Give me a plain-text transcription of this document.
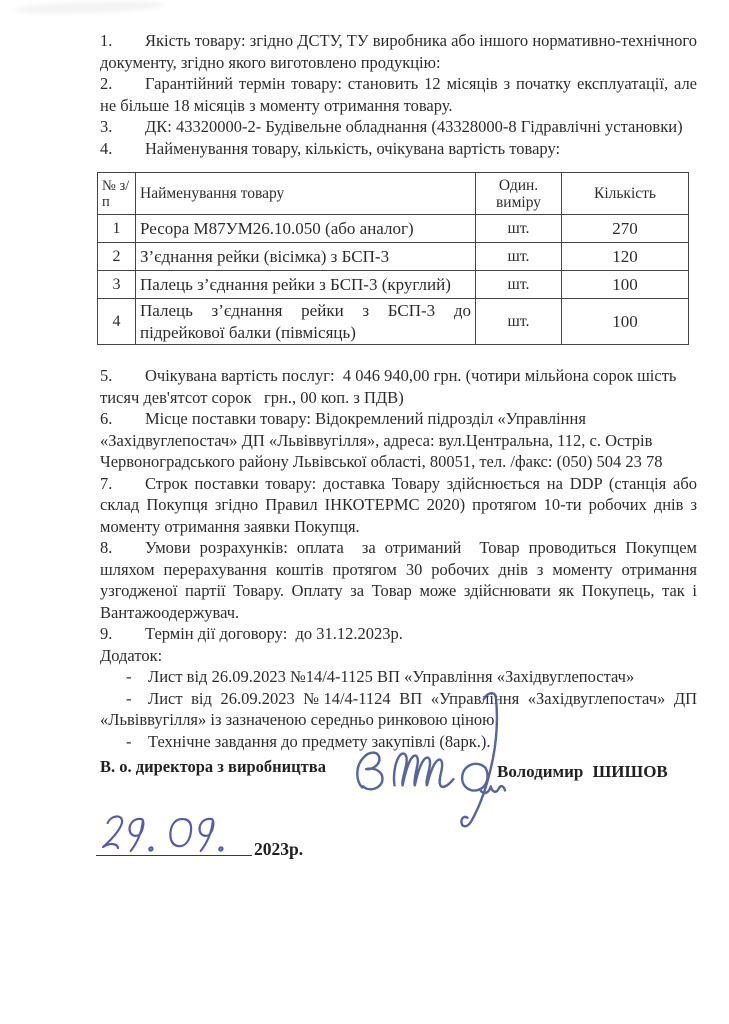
1. Якість товару: згідно ДСТУ, ТУ виробника або іншого нормативно-технічного документу, згідно якого виготовлено продукцію:

2. Гарантійний термін товару: становить 12 місяців з початку експлуатації, але не більше 18 місяців з моменту отримання товару.

3. ДК: 43320000-2- Будівельне обладнання (43328000-8 Гідравлічні установки)

4. Найменування товару, кількість, очікувана вартість товару:

№ з/п	Найменування товару	Один. виміру	Кількість
1	Ресора М87УМ26.10.050 (або аналог)	шт.	270
2	З’єднання рейки (вісімка) з БСП-3	шт.	120
3	Палець з’єднання рейки з БСП-3 (круглий)	шт.	100
4	Палець з’єднання рейки з БСП-3 до підрейкової балки (півмісяць)	шт.	100

5. Очікувана вартість послуг:  4 046 940,00 грн. (чотири мільйона сорок шість  тисяч дев'ятсот сорок   грн., 00 коп. з ПДВ)

6. Місце поставки товару: Відокремлений підрозділ «Управління «Західвуглепостач» ДП «Львіввугілля», адреса: вул.Центральна, 112, с. Острів Червоноградського району Львівської області, 80051, тел. /факс: (050) 504 23 78

7. Строк поставки товару: доставка Товару здійснюється на DDP (станція або склад Покупця згідно Правил ІНКОТЕРМС 2020) протягом 10-ти робочих днів з моменту отримання заявки Покупця.

8. Умови розрахунків: оплата  за отриманий  Товар проводиться Покупцем шляхом перерахування коштів протягом 30 робочих днів з моменту отримання узгодженої партії Товару. Оплату за Товар може здійснювати як Покупець, так і Вантажоодержувач.

9. Термін дії договору:  до 31.12.2023р.

Додаток:

- Лист від 26.09.2023 №14/4-1125 ВП «Управління «Західвуглепостач»

- Лист від 26.09.2023 №14/4-1124 ВП «Управління «Західвуглепостач» ДП «Львіввугілля» із зазначеною середньо ринковою ціною.

- Технічне завдання до предмету закупівлі (8арк.).

В. о. директора з виробництва	Володимир ШИШОВ
2023р.
